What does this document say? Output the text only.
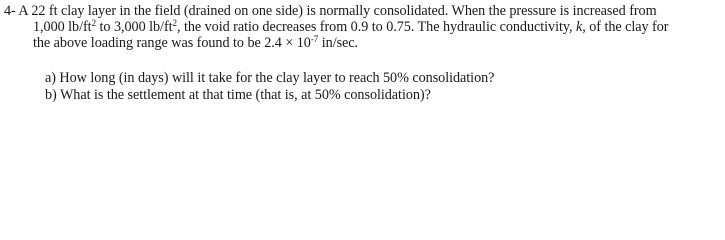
4- A 22 ft clay layer in the field (drained on one side) is normally consolidated. When the pressure is increased from
1,000 $lb/ft^2$ to 3,000 $lb/ft^2$, the void ratio decreases from 0.9 to 0.75. The hydraulic conductivity, k, of the clay for
the above loading range was found to be $2.4 \times 10^{-7}$ in/sec.
a) How long (in days) will it take for the clay layer to reach 50% consolidation?
b) What is the settlement at that time (that is, at 50% consolidation)?
